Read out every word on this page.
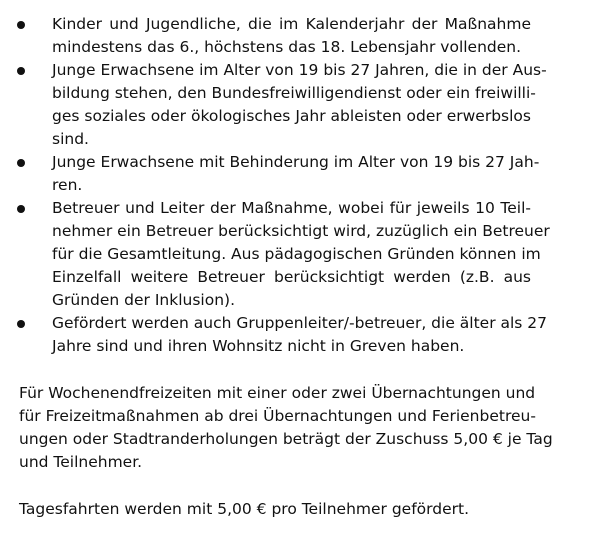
Kinder und Jugendliche, die im Kalenderjahr der Maßnahme
mindestens das 6., höchstens das 18. Lebensjahr vollenden.
Junge Erwachsene im Alter von 19 bis 27 Jahren, die in der Aus-
bildung stehen, den Bundesfreiwilligendienst oder ein freiwilli-
ges soziales oder ökologisches Jahr ableisten oder erwerbslos
sind.
Junge Erwachsene mit Behinderung im Alter von 19 bis 27 Jah-
ren.
Betreuer und Leiter der Maßnahme, wobei für jeweils 10 Teil-
nehmer ein Betreuer berücksichtigt wird, zuzüglich ein Betreuer
für die Gesamtleitung. Aus pädagogischen Gründen können im
Einzelfall weitere Betreuer berücksichtigt werden (z.B. aus
Gründen der Inklusion).
Gefördert werden auch Gruppenleiter/-betreuer, die älter als 27
Jahre sind und ihren Wohnsitz nicht in Greven haben.
Für Wochenendfreizeiten mit einer oder zwei Übernachtungen und
für Freizeitmaßnahmen ab drei Übernachtungen und Ferienbetreu-
ungen oder Stadtranderholungen beträgt der Zuschuss 5,00 € je Tag
und Teilnehmer.
Tagesfahrten werden mit 5,00 € pro Teilnehmer gefördert.
